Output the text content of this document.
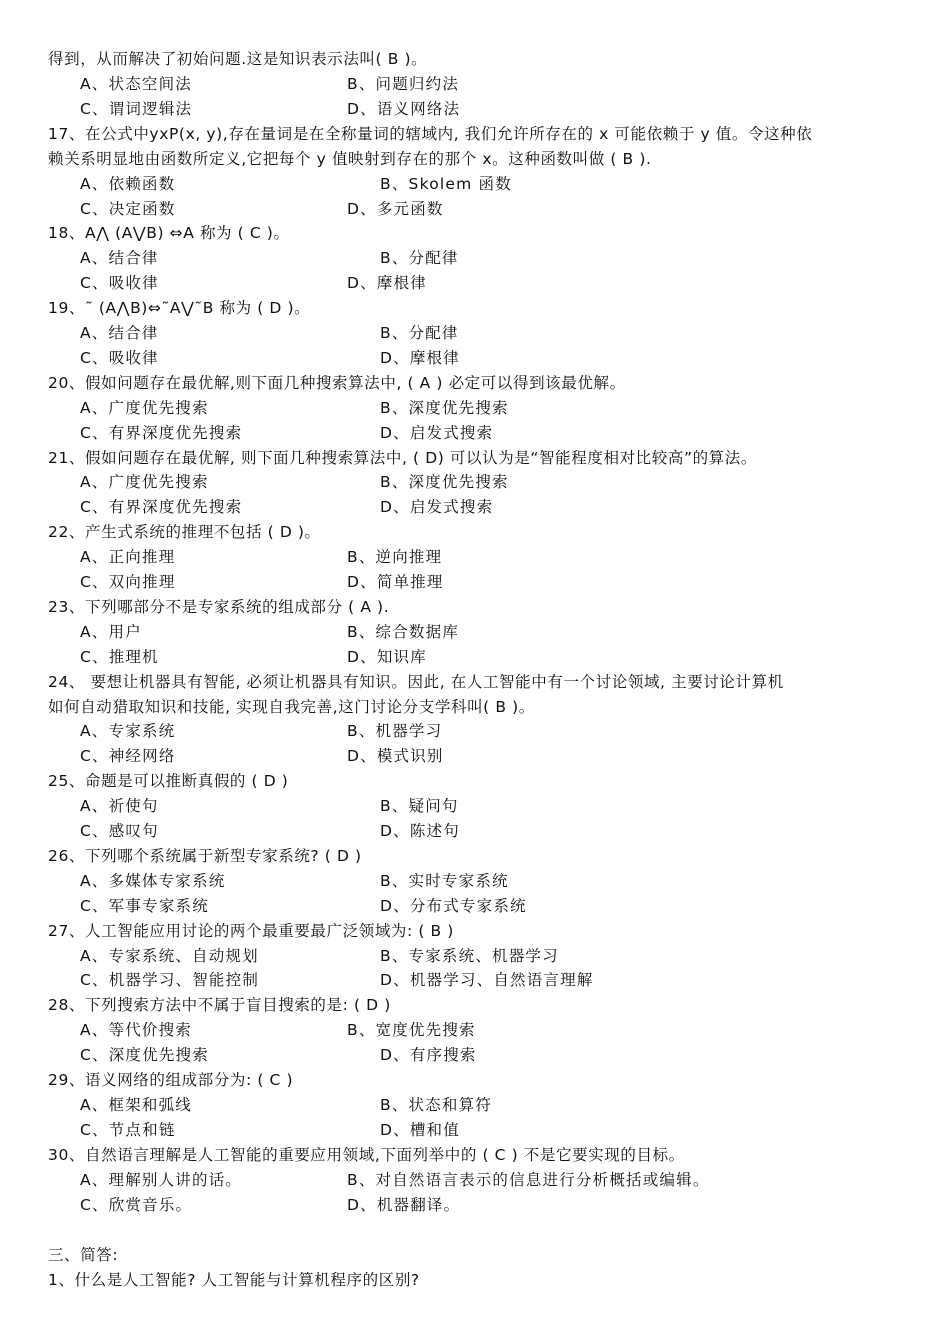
得到，从而解决了初始问题.这是知识表示法叫( B )。
三、简答:
1、什么是人工智能? 人工智能与计算机程序的区别?
A、状态空间法	B、问题归约法
C、谓词逻辑法	D、语义网络法
17、在公式中yxP(x, y),存在量词是在全称量词的辖域内, 我们允许所存在的 x 可能依赖于 y 值。令这种依
赖关系明显地由函数所定义,它把每个 y 值映射到存在的那个 x。这种函数叫做 ( B ).
A、依赖函数	B、Skolem 函数
C、决定函数	D、多元函数
18、A⋀ (A⋁B) ⇔A 称为 ( C )。
A、结合律	B、分配律
C、吸收律	D、摩根律
19、˜ (A⋀B)⇔˜A⋁˜B 称为 ( D )。
A、结合律	B、分配律
C、吸收律	D、摩根律
20、假如问题存在最优解,则下面几种搜索算法中, ( A ) 必定可以得到该最优解。
A、广度优先搜索	B、深度优先搜索
C、有界深度优先搜索	D、启发式搜索
21、假如问题存在最优解, 则下面几种搜索算法中, ( D) 可以认为是“智能程度相对比较高”的算法。
A、广度优先搜索	B、深度优先搜索
C、有界深度优先搜索	D、启发式搜索
22、产生式系统的推理不包括 ( D )。
A、正向推理	B、逆向推理
C、双向推理	D、简单推理
23、下列哪部分不是专家系统的组成部分 ( A ).
A、用户	B、综合数据库
C、推理机	D、知识库
24、 要想让机器具有智能, 必须让机器具有知识。因此, 在人工智能中有一个讨论领域, 主要讨论计算机
如何自动猎取知识和技能, 实现自我完善,这门讨论分支学科叫( B )。
A、专家系统	B、机器学习
C、神经网络	D、模式识别
25、命题是可以推断真假的 ( D )
A、祈使句	B、疑问句
C、感叹句	D、陈述句
26、下列哪个系统属于新型专家系统? ( D )
A、多媒体专家系统	B、实时专家系统
C、军事专家系统	D、分布式专家系统
27、人工智能应用讨论的两个最重要最广泛领域为: ( B )
A、专家系统、自动规划	B、专家系统、机器学习
C、机器学习、智能控制	D、机器学习、自然语言理解
28、下列搜索方法中不属于盲目搜索的是: ( D )
A、等代价搜索	B、宽度优先搜索
C、深度优先搜索	D、有序搜索
29、语义网络的组成部分为: ( C )
A、框架和弧线	B、状态和算符
C、节点和链	D、槽和值
30、自然语言理解是人工智能的重要应用领域,下面列举中的 ( C ) 不是它要实现的目标。
A、理解别人讲的话。	B、对自然语言表示的信息进行分析概括或编辑。
C、欣赏音乐。	D、机器翻译。
